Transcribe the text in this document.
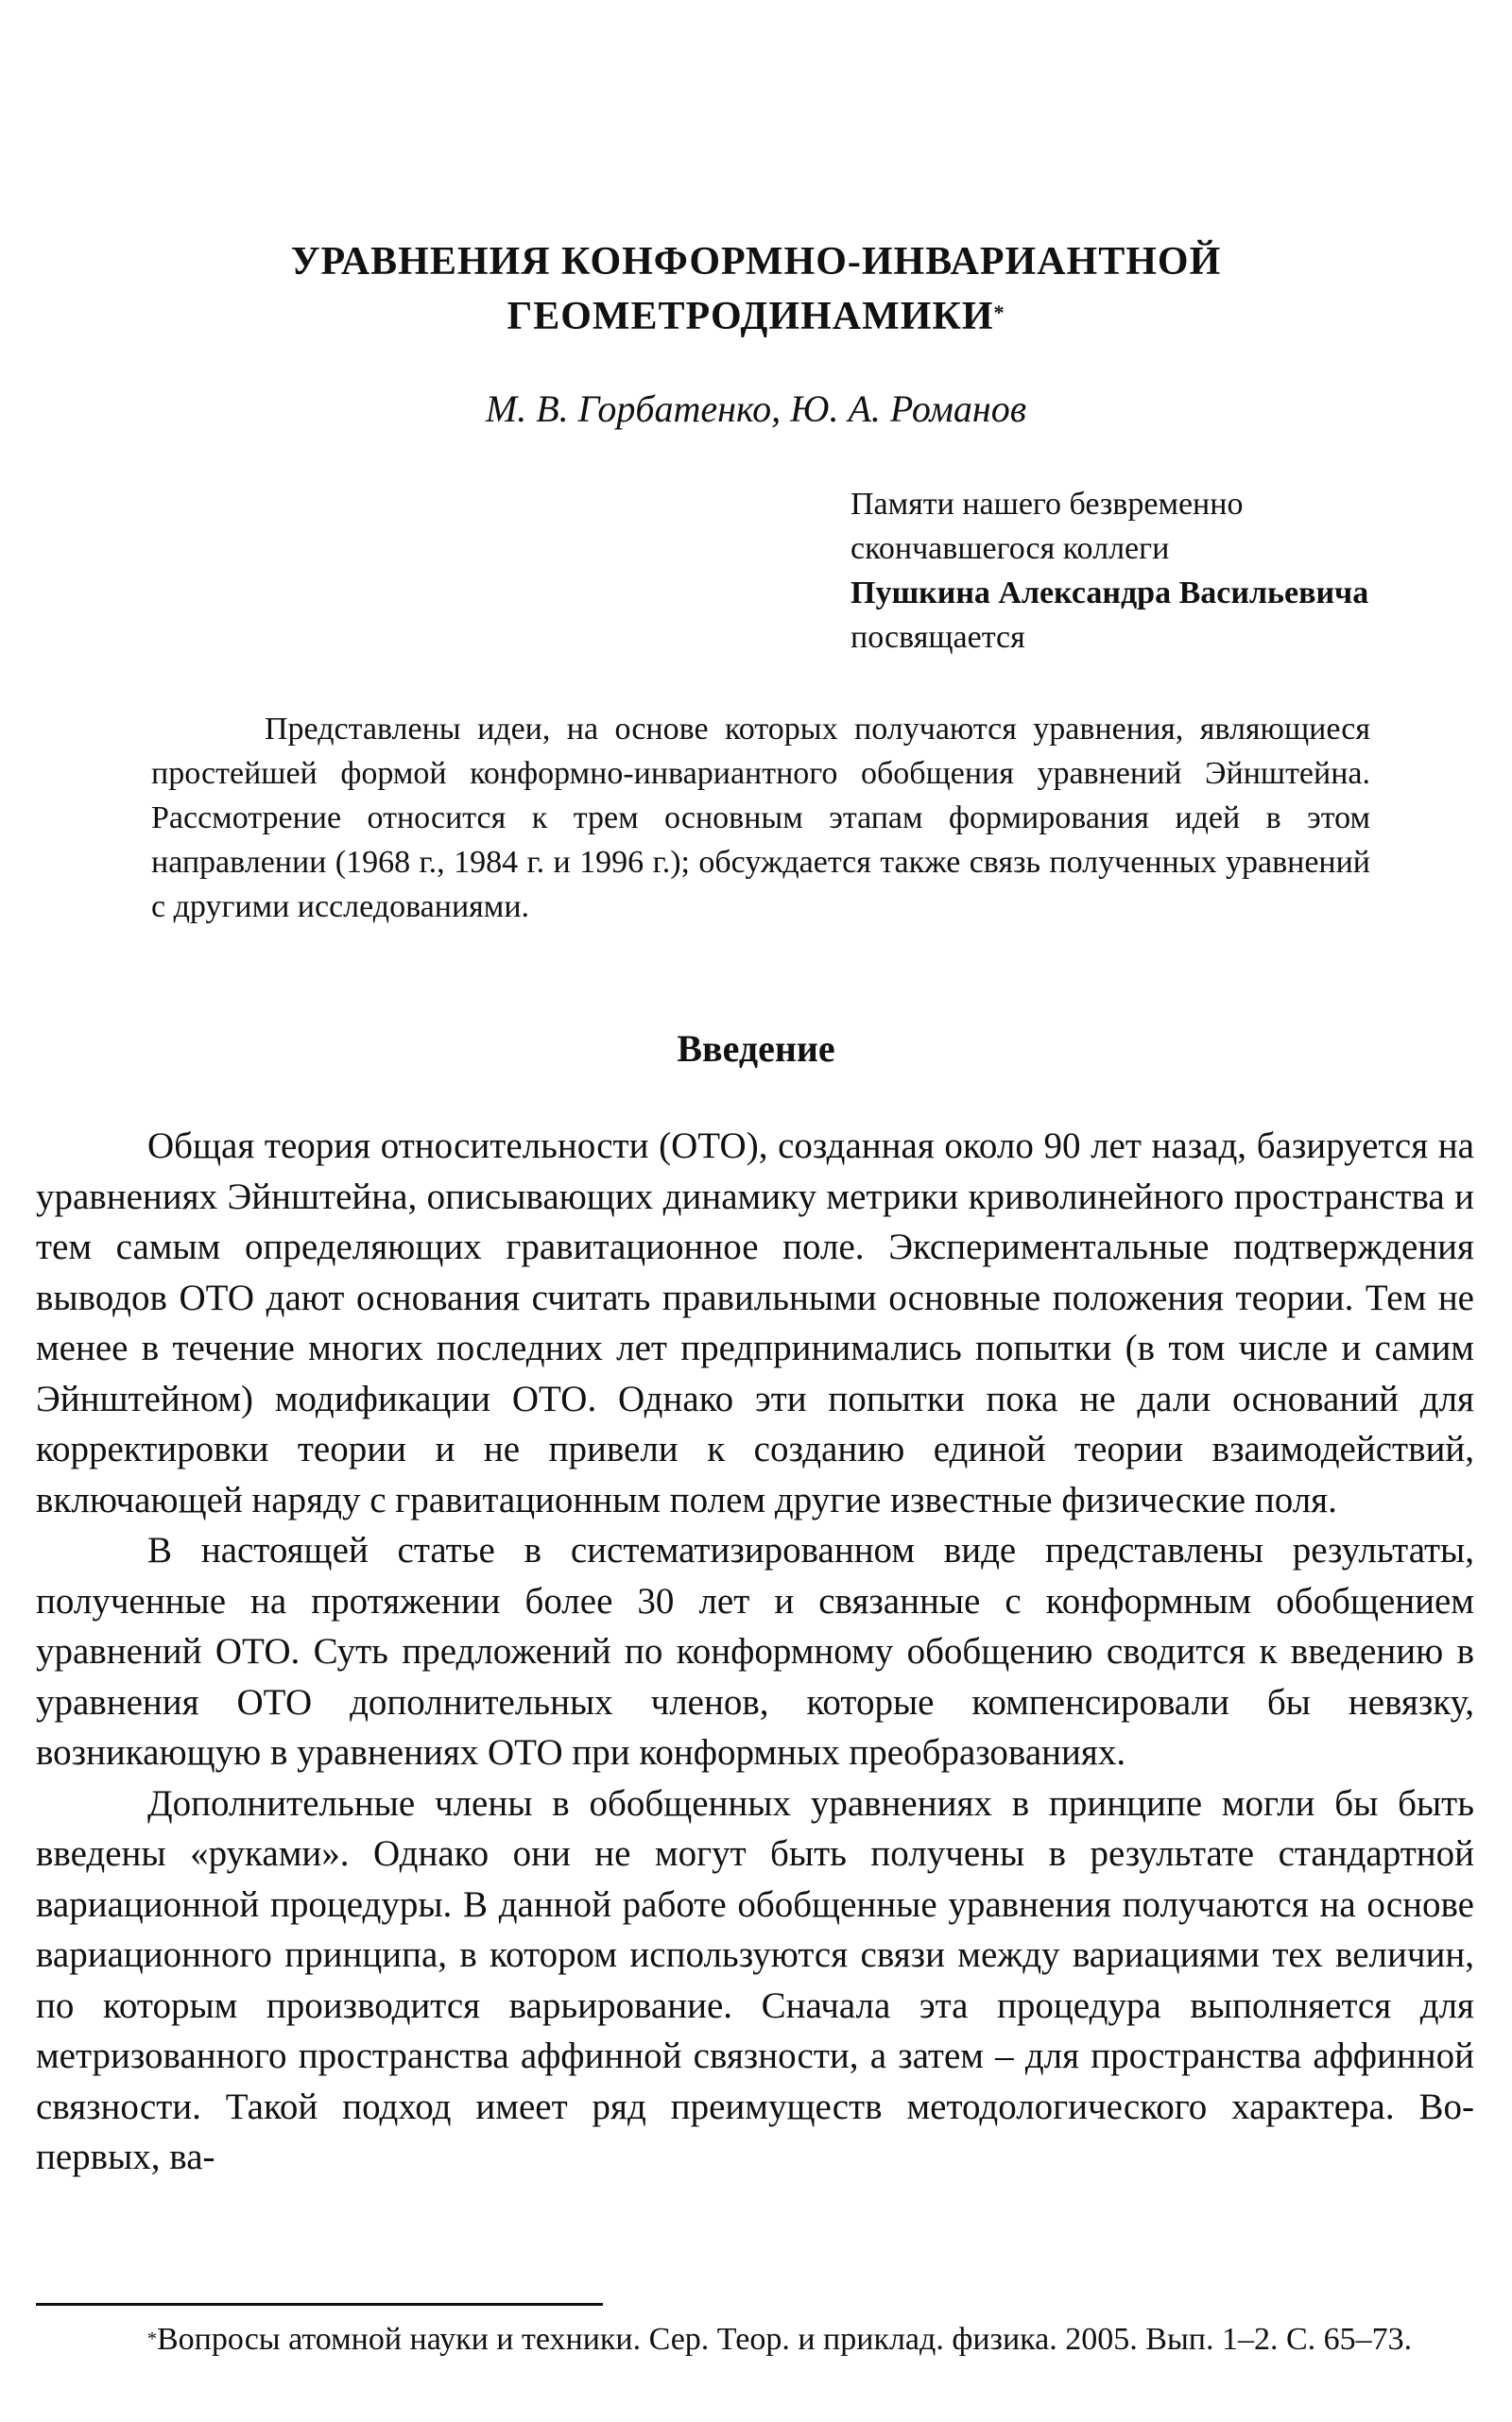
УРАВНЕНИЯ КОНФОРМНО-ИНВАРИАНТНОЙ
ГЕОМЕТРОДИНАМИКИ*
М. В. Горбатенко, Ю. А. Романов
Памяти нашего безвременно
скончавшегося коллеги
Пушкина Александра Васильевича
посвящается

Представлены идеи, на основе которых получаются уравнения, являющиеся простейшей формой конформно-инвариантного обобщения уравнений Эйнштейна. Рассмотрение относится к трем основным этапам формирования идей в этом направлении (1968 г., 1984 г. и 1996 г.); обсуждается также связь полученных уравнений с другими исследованиями.

Введение

Общая теория относительности (ОТО), созданная около 90 лет назад, базируется на уравнениях Эйнштейна, описывающих динамику метрики криволинейного пространства и тем самым определяющих гравитационное поле. Экспериментальные подтверждения выводов ОТО дают основания считать правильными основные положения теории. Тем не менее в течение многих последних лет предпринимались попытки (в том числе и самим Эйнштейном) модификации ОТО. Однако эти попытки пока не дали оснований для корректировки теории и не привели к созданию единой теории взаимодействий, включающей наряду с гравитационным полем другие известные физические поля.

В настоящей статье в систематизированном виде представлены результаты, полученные на протяжении более 30 лет и связанные с конформным обобщением уравнений ОТО. Суть предложений по конформному обобщению сводится к введению в уравнения ОТО дополнительных членов, которые компенсировали бы невязку, возникающую в уравнениях ОТО при конформных преобразованиях.

Дополнительные члены в обобщенных уравнениях в принципе могли бы быть введены «руками». Однако они не могут быть получены в результате стандартной вариационной процедуры. В данной работе обобщенные уравнения получаются на основе вариационного принципа, в котором используются связи между вариациями тех величин, по которым производится варьирование. Сначала эта процедура выполняется для метризованного пространства аффинной связности, а затем – для пространства аффинной связности. Такой подход имеет ряд преимуществ методологического характера. Во-первых, ва-

*Вопросы атомной науки и техники. Сер. Теор. и приклад. физика. 2005. Вып. 1–2. С. 65–73.
